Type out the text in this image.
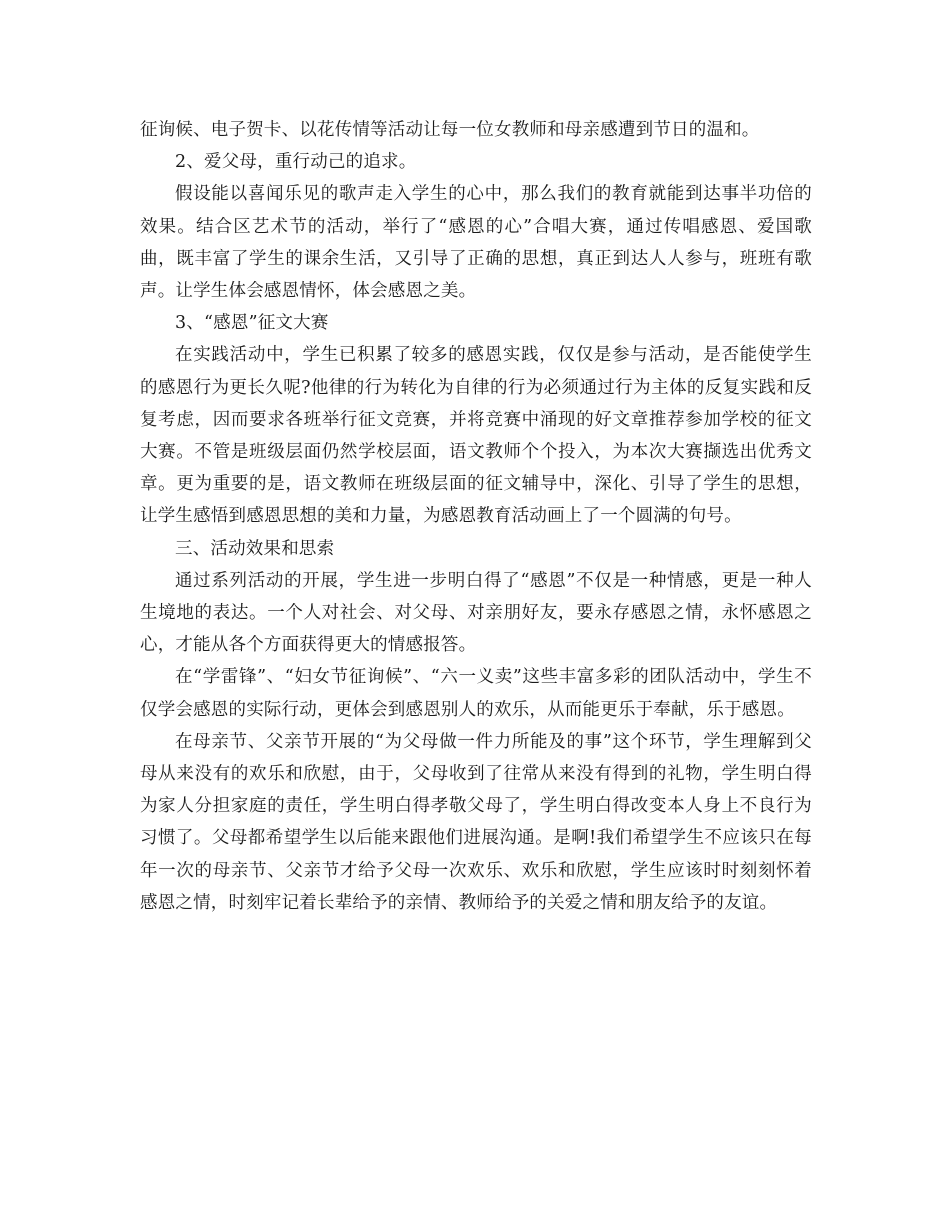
征询候、电子贺卡、以花传情等活动让每一位女教师和母亲感遭到节日的温和。

2、爱父母，重行动己的追求。

假设能以喜闻乐见的歌声走入学生的心中，那么我们的教育就能到达事半功倍的效果。结合区艺术节的活动，举行了“感恩的心”合唱大赛，通过传唱感恩、爱国歌曲，既丰富了学生的课余生活，又引导了正确的思想，真正到达人人参与，班班有歌声。让学生体会感恩情怀，体会感恩之美。

3、“感恩”征文大赛

在实践活动中，学生已积累了较多的感恩实践，仅仅是参与活动，是否能使学生的感恩行为更长久呢?他律的行为转化为自律的行为必须通过行为主体的反复实践和反复考虑，因而要求各班举行征文竞赛，并将竞赛中涌现的好文章推荐参加学校的征文大赛。不管是班级层面仍然学校层面，语文教师个个投入，为本次大赛撷选出优秀文章。更为重要的是，语文教师在班级层面的征文辅导中，深化、引导了学生的思想，让学生感悟到感恩思想的美和力量，为感恩教育活动画上了一个圆满的句号。

三、活动效果和思索

通过系列活动的开展，学生进一步明白得了“感恩”不仅是一种情感，更是一种人生境地的表达。一个人对社会、对父母、对亲朋好友，要永存感恩之情，永怀感恩之心，才能从各个方面获得更大的情感报答。

在“学雷锋”、“妇女节征询候”、“六一义卖”这些丰富多彩的团队活动中，学生不仅学会感恩的实际行动，更体会到感恩别人的欢乐，从而能更乐于奉献，乐于感恩。

在母亲节、父亲节开展的“为父母做一件力所能及的事”这个环节，学生理解到父母从来没有的欢乐和欣慰，由于，父母收到了往常从来没有得到的礼物，学生明白得为家人分担家庭的责任，学生明白得孝敬父母了，学生明白得改变本人身上不良行为习惯了。父母都希望学生以后能来跟他们进展沟通。是啊!我们希望学生不应该只在每年一次的母亲节、父亲节才给予父母一次欢乐、欢乐和欣慰，学生应该时时刻刻怀着感恩之情，时刻牢记着长辈给予的亲情、教师给予的关爱之情和朋友给予的友谊。
